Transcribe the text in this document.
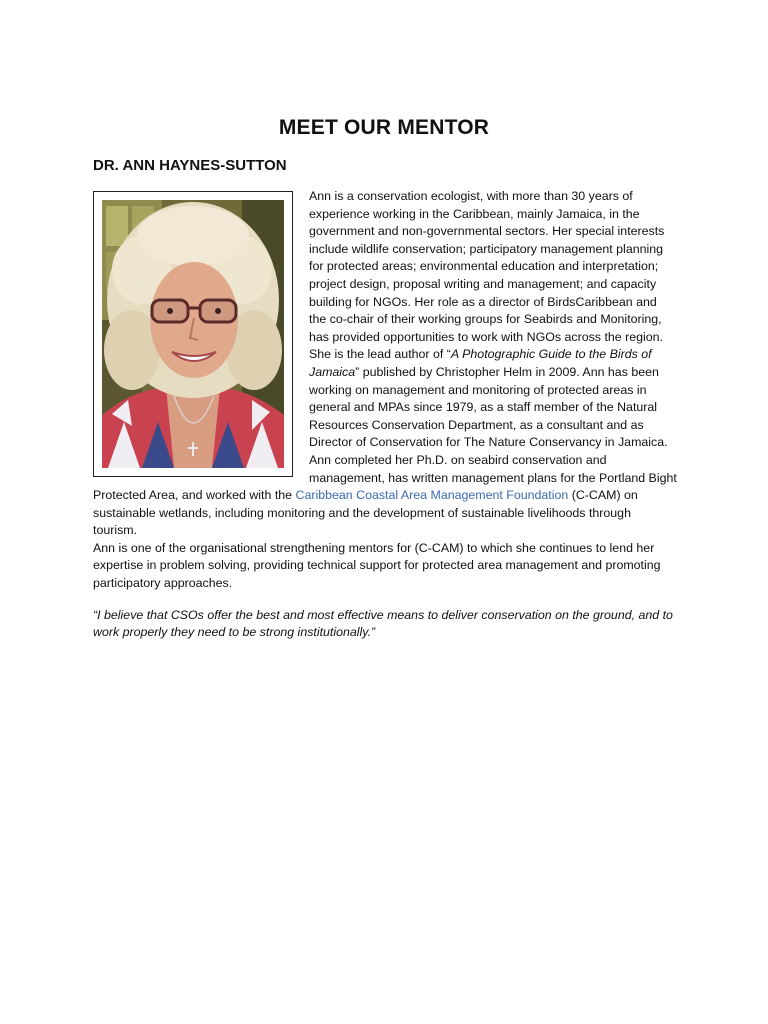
MEET OUR MENTOR
DR. ANN HAYNES-SUTTON

Ann is a conservation ecologist, with more than 30 years of experience working in the Caribbean, mainly Jamaica, in the government and non-governmental sectors. Her special interests include wildlife conservation; participatory management planning for protected areas; environmental education and interpretation; project design, proposal writing and management; and capacity building for NGOs. Her role as a director of BirdsCaribbean and the co-chair of their working groups for Seabirds and Monitoring, has provided opportunities to work with NGOs across the region. She is the lead author of “A Photographic Guide to the Birds of Jamaica” published by Christopher Helm in 2009. Ann has been working on management and monitoring of protected areas in general and MPAs since 1979, as a staff member of the Natural Resources Conservation Department, as a consultant and as Director of Conservation for The Nature Conservancy in Jamaica. Ann completed her Ph.D. on seabird conservation and management, has written management plans for the Portland Bight Protected Area, and worked with the Caribbean Coastal Area Management Foundation (C-CAM) on sustainable wetlands, including monitoring and the development of sustainable livelihoods through tourism.

Ann is one of the organisational strengthening mentors for (C-CAM) to which she continues to lend her expertise in problem solving, providing technical support for protected area management and promoting participatory approaches.

“I believe that CSOs offer the best and most effective means to deliver conservation on the ground, and to work properly they need to be strong institutionally.”
